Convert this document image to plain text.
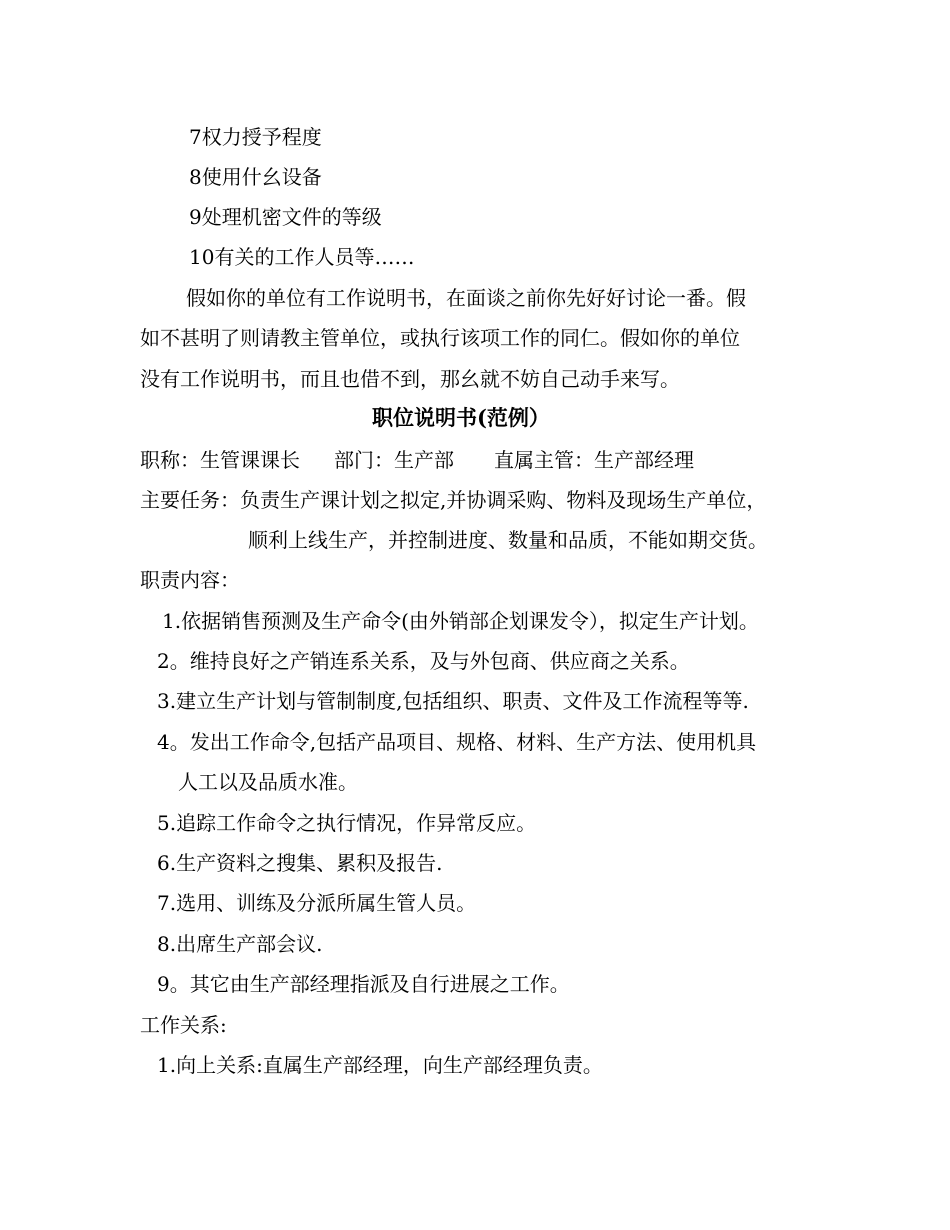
7权力授予程度
8使用什幺设备
9处理机密文件的等级
10有关的工作人员等……
假如你的单位有工作说明书，在面谈之前你先好好讨论一番。假
如不甚明了则请教主管单位，或执行该项工作的同仁。假如你的单位
没有工作说明书，而且也借不到，那幺就不妨自己动手来写。
职位说明书(范例）
职称：生管课课长 部门：生产部 直属主管：生产部经理
主要任务：负责生产课计划之拟定,并协调采购、物料及现场生产单位，
顺利上线生产，并控制进度、数量和品质，不能如期交货。
职责内容：
1.依据销售预测及生产命令(由外销部企划课发令），拟定生产计划。
2。维持良好之产销连系关系，及与外包商、供应商之关系。
3.建立生产计划与管制制度,包括组织、职责、文件及工作流程等等.
4。发出工作命令,包括产品项目、规格、材料、生产方法、使用机具
人工以及品质水准。
5.追踪工作命令之执行情况，作异常反应。
6.生产资料之搜集、累积及报告.
7.选用、训练及分派所属生管人员。
8.出席生产部会议.
9。其它由生产部经理指派及自行进展之工作。
工作关系:
1.向上关系:直属生产部经理，向生产部经理负责。
